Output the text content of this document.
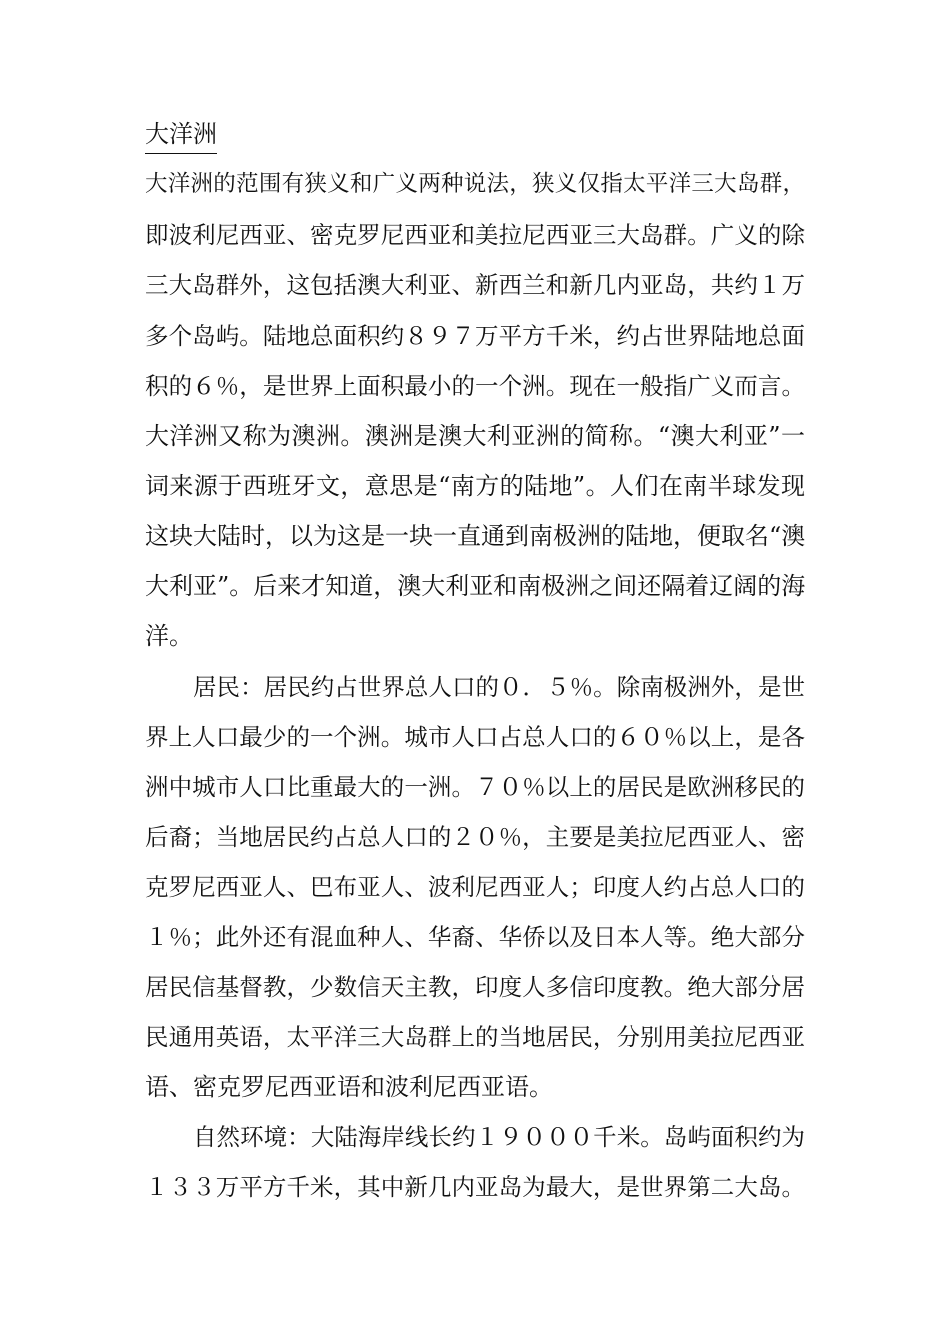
大洋洲
大洋洲的范围有狭义和广义两种说法，狭义仅指太平洋三大岛群，
即波利尼西亚、密克罗尼西亚和美拉尼西亚三大岛群。广义的除
三大岛群外，这包括澳大利亚、新西兰和新几内亚岛，共约１万
多个岛屿。陆地总面积约８９７万平方千米，约占世界陆地总面
积的６％，是世界上面积最小的一个洲。现在一般指广义而言。
大洋洲又称为澳洲。澳洲是澳大利亚洲的简称。“澳大利亚”一
词来源于西班牙文，意思是“南方的陆地”。人们在南半球发现
这块大陆时，以为这是一块一直通到南极洲的陆地，便取名“澳
大利亚”。后来才知道，澳大利亚和南极洲之间还隔着辽阔的海
洋。
居民：居民约占世界总人口的０．５％。除南极洲外，是世
界上人口最少的一个洲。城市人口占总人口的６０％以上，是各
洲中城市人口比重最大的一洲。７０％以上的居民是欧洲移民的
后裔；当地居民约占总人口的２０％，主要是美拉尼西亚人、密
克罗尼西亚人、巴布亚人、波利尼西亚人；印度人约占总人口的
１％；此外还有混血种人、华裔、华侨以及日本人等。绝大部分
居民信基督教，少数信天主教，印度人多信印度教。绝大部分居
民通用英语，太平洋三大岛群上的当地居民，分别用美拉尼西亚
语、密克罗尼西亚语和波利尼西亚语。
自然环境：大陆海岸线长约１９０００千米。岛屿面积约为
１３３万平方千米，其中新几内亚岛为最大，是世界第二大岛。
